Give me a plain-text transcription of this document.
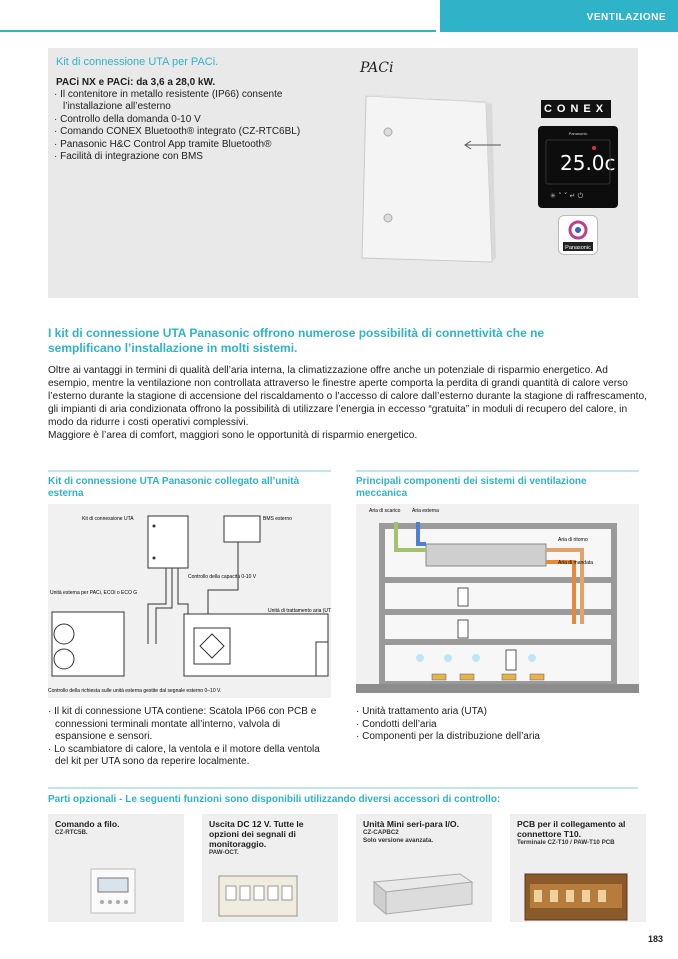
VENTILAZIONE
Kit di connessione UTA per PACi.
PACi NX e PACi: da 3,6 a 28,0 kW.
· Il contenitore in metallo resistente (IP66) consente l’installazione all’esterno
· Controllo della domanda 0-10 V
· Comando CONEX Bluetooth® integrato (CZ-RTC6BL)
· Panasonic H&C Control App tramite Bluetooth®
· Facilità di integrazione con BMS
PACi
CONEX
Panasonic
25.0c
✳ ˄ ˅ ↵ ⏻
Panasonic
I kit di connessione UTA Panasonic offrono numerose possibilità di connettività che ne semplificano l’installazione in molti sistemi.

Oltre ai vantaggi in termini di qualità dell’aria interna, la climatizzazione offre anche un potenziale di risparmio energetico. Ad esempio, mentre la ventilazione non controllata attraverso le finestre aperte comporta la perdita di grandi quantità di calore verso l’esterno durante la stagione di accensione del riscaldamento o l’accesso di calore dall’esterno durante la stagione di raffrescamento, gli impianti di aria condizionata offrono la possibilità di utilizzare l’energia in eccesso “gratuita” in moduli di recupero del calore, in modo da ridurre i costi operativi complessivi.

Maggiore è l’area di comfort, maggiori sono le opportunità di risparmio energetico.

Kit di connessione UTA Panasonic collegato all’unità esterna
Kit di connessione UTA	BMS esterno
Controllo della capacità 0-10 V
Unità esterna per PACi, ECOi o ECO G
Unità di trattamento aria (UTA)
Controllo della richiesta sulle unità esterna gestite dal segnale esterno 0–10 V.
· Il kit di connessione UTA contiene: Scatola IP66 con PCB e connessioni terminali montate all’interno, valvola di espansione e sensori.
· Lo scambiatore di calore, la ventola e il motore della ventola del kit per UTA sono da reperire localmente.
Principali componenti dei sistemi di ventilazione meccanica
Aria di scarico Aria esterna
Aria di ritorno
Aria di mandata
· Unità trattamento aria (UTA)
· Condotti dell’aria
· Componenti per la distribuzione dell’aria
Parti opzionali - Le seguenti funzioni sono disponibili utilizzando diversi accessori di controllo:
Comando a filo.
CZ-RTC5B.
Uscita DC 12 V. Tutte le opzioni dei segnali di monitoraggio.
PAW-OCT.
Unità Mini seri-para I/O.
CZ-CAPBC2
Solo versione avanzata.
PCB per il collegamento al connettore T10.
Terminale CZ-T10 / PAW-T10 PCB
183
